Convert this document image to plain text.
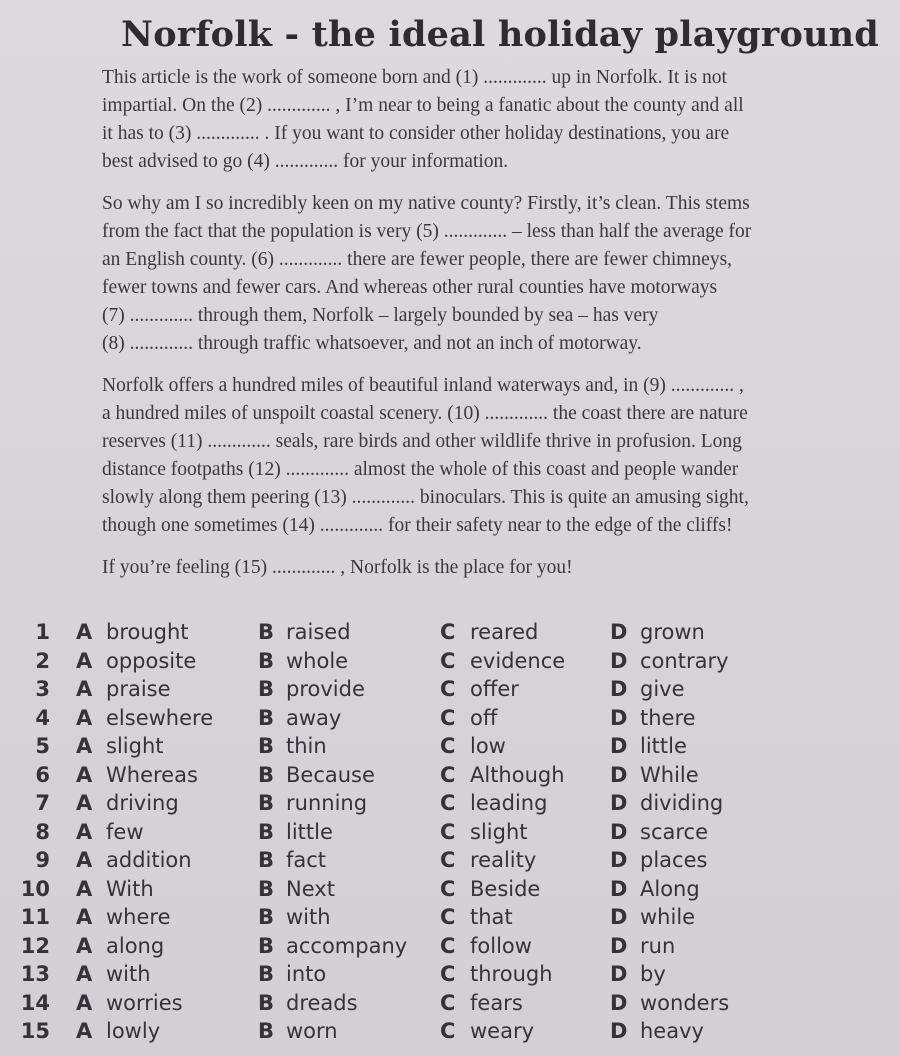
Norfolk - the ideal holiday playground

This article is the work of someone born and (1) ............. up in Norfolk. It is not
impartial. On the (2) ............. , I’m near to being a fanatic about the county and all
it has to (3) ............. . If you want to consider other holiday destinations, you are
best advised to go (4) ............. for your information.

So why am I so incredibly keen on my native county? Firstly, it’s clean. This stems
from the fact that the population is very (5) ............. – less than half the average for
an English county. (6) ............. there are fewer people, there are fewer chimneys,
fewer towns and fewer cars. And whereas other rural counties have motorways
(7) ............. through them, Norfolk – largely bounded by sea – has very
(8) ............. through traffic whatsoever, and not an inch of motorway.

Norfolk offers a hundred miles of beautiful inland waterways and, in (9) ............. ,
a hundred miles of unspoilt coastal scenery. (10) ............. the coast there are nature
reserves (11) ............. seals, rare birds and other wildlife thrive in profusion. Long
distance footpaths (12) ............. almost the whole of this coast and people wander
slowly along them peering (13) ............. binoculars. This is quite an amusing sight,
though one sometimes (14) ............. for their safety near to the edge of the cliffs!

If you’re feeling (15) ............. , Norfolk is the place for you!

1 A brought	B raised	C reared	D grown
2 A opposite	B whole	C evidence D contrary
3 A praise	B provide	C offer	D give
4 A elsewhere B away	C off	D there
5 A slight	B thin	C low	D little
6 A Whereas	B Because	C Although D While
7 A driving	B running	C leading	D dividing
8 A few	B little	C slight	D scarce
9 A addition	B fact	C reality	D places
10 A With	B Next	C Beside	D Along
11 A where	B with	C that	D while
12 A along	B accompany C follow	D run
13 A with	B into	C through	D by
14 A worries	B dreads	C fears	D wonders
15 A lowly	B worn	C weary	D heavy
